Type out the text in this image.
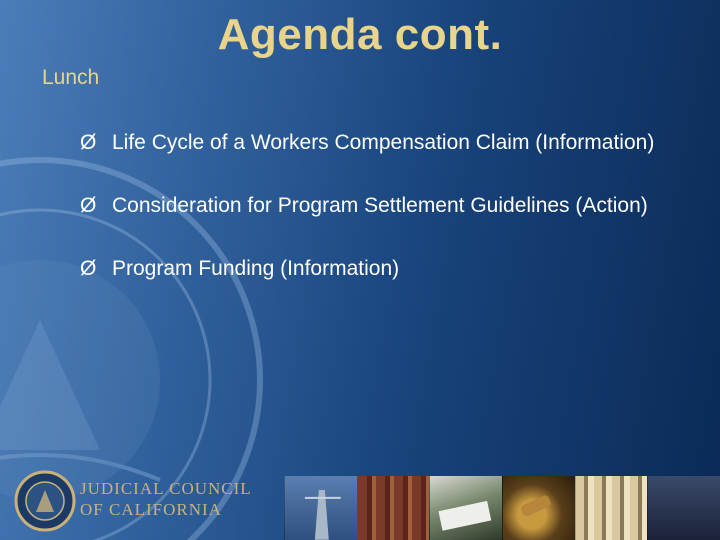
Agenda cont.
Lunch
Ø Life Cycle of a Workers Compensation Claim (Information)
Ø Consideration for Program Settlement Guidelines (Action)
Ø Program Funding (Information)
JUDICIAL COUNCIL
OF CALIFORNIA
